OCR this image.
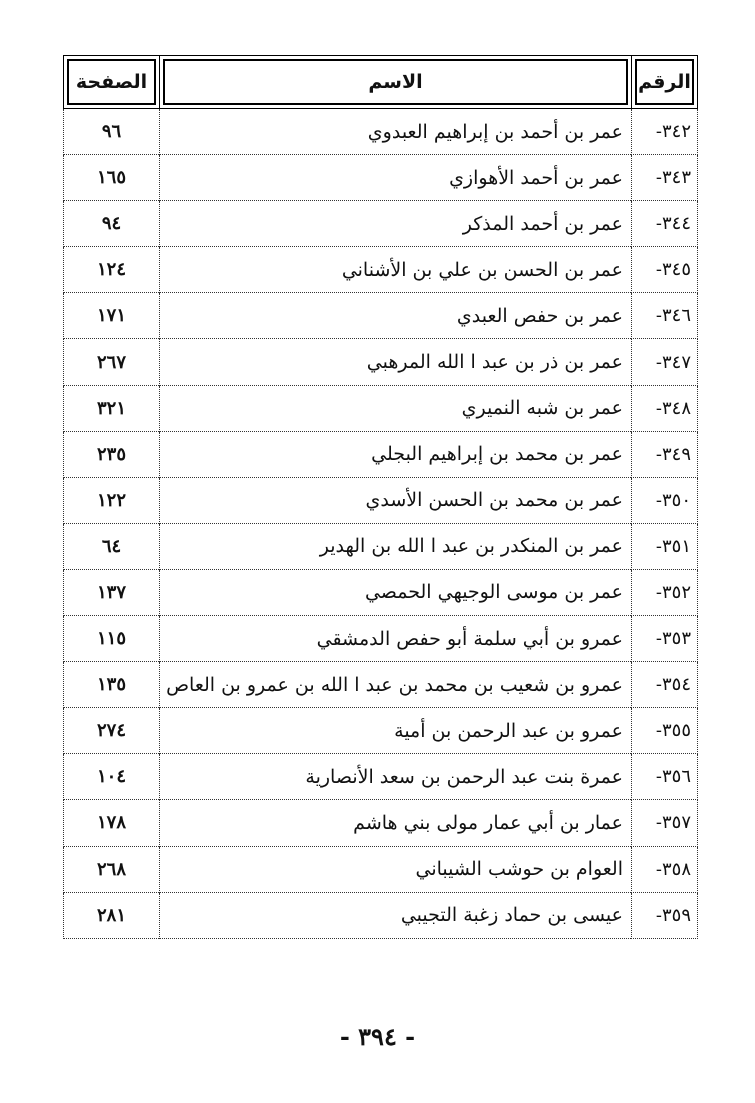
الرقم	الاسم	الصفحة

٣٤٢-	عمر بن أحمد بن إبراهيم العبدوي	٩٦
٣٤٣-	عمر بن أحمد الأهوازي	١٦٥
٣٤٤-	عمر بن أحمد المذكر	٩٤
٣٤٥-	عمر بن الحسن بن علي بن الأشناني	١٢٤
٣٤٦-	عمر بن حفص العبدي	١٧١
٣٤٧-	عمر بن ذر بن عبد ا الله المرهبي	٢٦٧
٣٤٨-	عمر بن شبه النميري	٣٢١
٣٤٩-	عمر بن محمد بن إبراهيم البجلي	٢٣٥
٣٥٠-	عمر بن محمد بن الحسن الأسدي	١٢٢
٣٥١-	عمر بن المنكدر بن عبد ا الله بن الهدير	٦٤
٣٥٢-	عمر بن موسى الوجيهي الحمصي	١٣٧
٣٥٣-	عمرو بن أبي سلمة أبو حفص الدمشقي	١١٥
٣٥٤-	عمرو بن شعيب بن محمد بن عبد ا الله بن عمرو بن العاص	١٣٥
٣٥٥-	عمرو بن عبد الرحمن بن أمية	٢٧٤
٣٥٦-	عمرة بنت عبد الرحمن بن سعد الأنصارية	١٠٤
٣٥٧-	عمار بن أبي عمار مولى بني هاشم	١٧٨
٣٥٨-	العوام بن حوشب الشيباني	٢٦٨
٣٥٩-	عيسى بن حماد زغبة التجيبي	٢٨١
- ٣٩٤ -
